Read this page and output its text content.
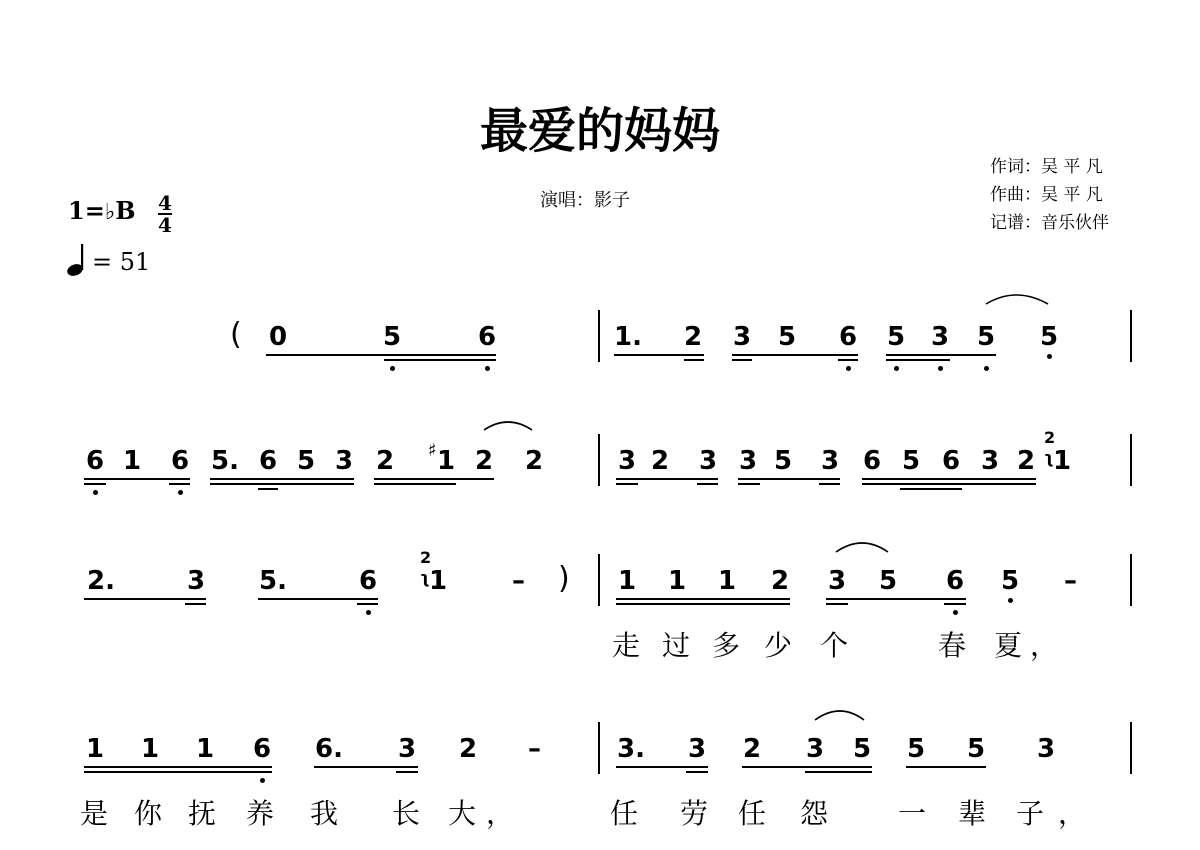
最爱的妈妈
演唱：影子
作词：吴 平 凡
作曲：吴 平 凡
记谱：音乐伙伴
1=♭B 4
4
= 51
( 0	5	6	1. 2 3 5 6 5 3 5 5
6 1 6 5. 6 5 3 2 ♯ 1 2 2	3 2 3 3 5 3 6 5 6 3 2
2
ʅ 1
2.	3 5.	6
2
ʅ 1 – ) 1 1 1 2 3 5 6 5 –
走 过 多 少 个	春 夏 ，
1 1 1 6 6. 3 2 –	3. 3 2 3 5 5 5 3
是 你 抚 养 我 长 大 ，	任 劳 任 怨 一 辈 子 ，
